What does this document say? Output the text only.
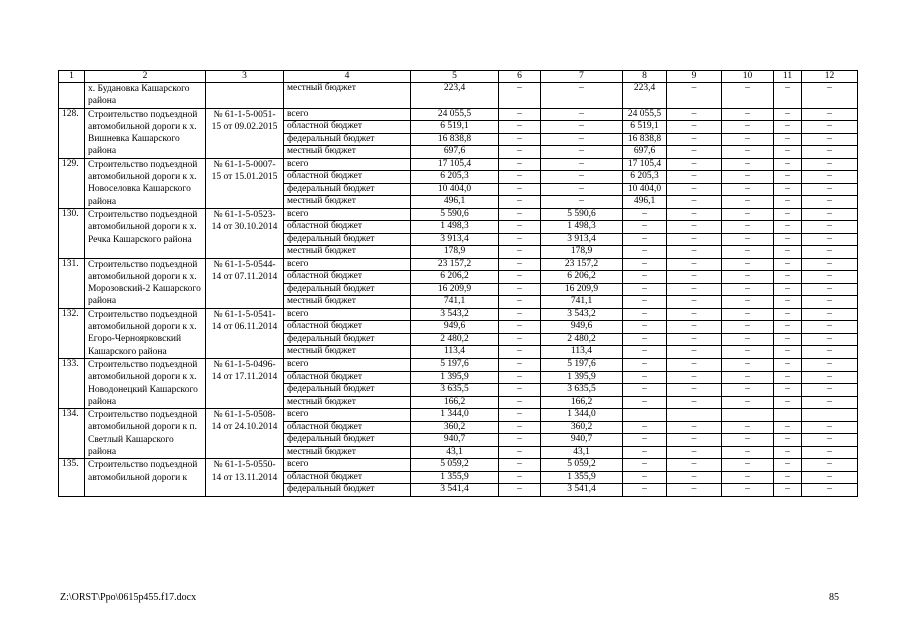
1	2	3	4	5	6	7	8	9	10	11	12
	х. Будановка Кашарского района		местный бюджет	223,4	–	–	223,4	–	–	–	–
128.	Строительство подъездной автомобильной дороги к х. Вишневка Кашарского района	№ 61-1-5-0051-15 от 09.02.2015	всего	24 055,5	–	–	24 055,5	–	–	–	–
			областной бюджет	6 519,1	–	–	6 519,1	–	–	–	–
			федеральный бюджет	16 838,8	–	–	16 838,8	–	–	–	–
			местный бюджет	697,6	–	–	697,6	–	–	–	–
129.	Строительство подъездной автомобильной дороги к х. Новоселовка Кашарского района	№ 61-1-5-0007-15 от 15.01.2015	всего	17 105,4	–	–	17 105,4	–	–	–	–
			областной бюджет	6 205,3	–	–	6 205,3	–	–	–	–
			федеральный бюджет	10 404,0	–	–	10 404,0	–	–	–	–
			местный бюджет	496,1	–	–	496,1	–	–	–	–
130.	Строительство подъездной автомобильной дороги к х. Речка Кашарского района	№ 61-1-5-0523-14 от 30.10.2014	всего	5 590,6	–	5 590,6	–	–	–	–	–
			областной бюджет	1 498,3	–	1 498,3	–	–	–	–	–
			федеральный бюджет	3 913,4	–	3 913,4	–	–	–	–	–
			местный бюджет	178,9	–	178,9	–	–	–	–	–
131.	Строительство подъездной автомобильной дороги к х. Морозовский-2 Кашарского района	№ 61-1-5-0544-14 от 07.11.2014	всего	23 157,2	–	23 157,2	–	–	–	–	–
			областной бюджет	6 206,2	–	6 206,2	–	–	–	–	–
			федеральный бюджет	16 209,9	–	16 209,9	–	–	–	–	–
			местный бюджет	741,1	–	741,1	–	–	–	–	–
132.	Строительство подъездной автомобильной дороги к х. Егоро-Черноярковский Кашарского района	№ 61-1-5-0541-14 от 06.11.2014	всего	3 543,2	–	3 543,2	–	–	–	–	–
			областной бюджет	949,6	–	949,6	–	–	–	–	–
			федеральный бюджет	2 480,2	–	2 480,2	–	–	–	–	–
			местный бюджет	113,4	–	113,4	–	–	–	–	–
133.	Строительство подъездной автомобильной дороги к х. Новодонецкий Кашарского района	№ 61-1-5-0496-14 от 17.11.2014	всего	5 197,6	–	5 197,6	–	–	–	–	–
			областной бюджет	1 395,9	–	1 395,9	–	–	–	–	–
			федеральный бюджет	3 635,5	–	3 635,5	–	–	–	–	–
			местный бюджет	166,2	–	166,2	–	–	–	–	–
134.	Строительство подъездной автомобильной дороги к п. Светлый Кашарского района	№ 61-1-5-0508-14 от 24.10.2014	всего	1 344,0	–	1 344,0					
			областной бюджет	360,2	–	360,2	–	–	–	–	–
			федеральный бюджет	940,7	–	940,7	–	–	–	–	–
			местный бюджет	43,1	–	43,1	–	–	–	–	–
135.	Строительство подъездной автомобильной дороги к	№ 61-1-5-0550-14 от 13.11.2014	всего	5 059,2	–	5 059,2	–	–	–	–	–
			областной бюджет	1 355,9	–	1 355,9	–	–	–	–	–
			федеральный бюджет	3 541,4	–	3 541,4	–	–	–	–	–
Z:\ORST\Ppo\0615p455.f17.docx	85
